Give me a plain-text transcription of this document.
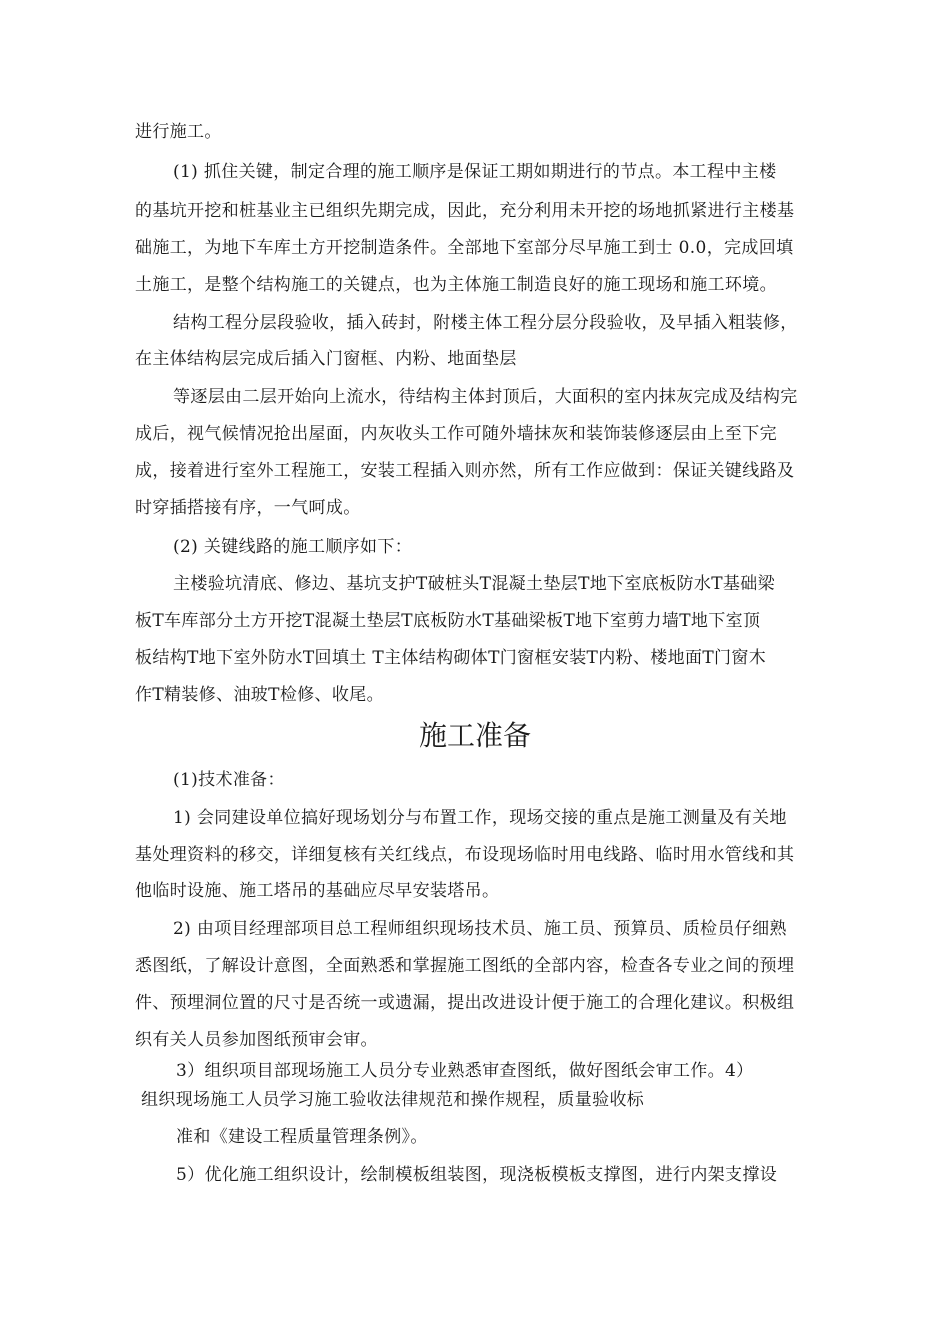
进行施工。
(1) 抓住关键，制定合理的施工顺序是保证工期如期进行的节点。本工程中主楼
的基坑开挖和桩基业主已组织先期完成，因此，充分利用未开挖的场地抓紧进行主楼基
础施工，为地下车库土方开挖制造条件。全部地下室部分尽早施工到士 0.0，完成回填
土施工，是整个结构施工的关键点，也为主体施工制造良好的施工现场和施工环境。
结构工程分层段验收，插入砖封，附楼主体工程分层分段验收，及早插入粗装修，
在主体结构层完成后插入门窗框、内粉、地面垫层
等逐层由二层开始向上流水，待结构主体封顶后，大面积的室内抹灰完成及结构完
成后，视气候情况抢出屋面，内灰收头工作可随外墙抹灰和装饰装修逐层由上至下完
成，接着进行室外工程施工，安装工程插入则亦然，所有工作应做到：保证关键线路及
时穿插搭接有序，一气呵成。
(2) 关键线路的施工顺序如下：
主楼验坑清底、修边、基坑支护T破桩头T混凝土垫层T地下室底板防水T基础梁
板T车库部分土方开挖T混凝土垫层T底板防水T基础梁板T地下室剪力墙T地下室顶
板结构T地下室外防水T回填土 T主体结构砌体T门窗框安装T内粉、楼地面T门窗木
作T精装修、油玻T检修、收尾。
施工准备
(1)技术准备：
1) 会同建设单位搞好现场划分与布置工作，现场交接的重点是施工测量及有关地
基处理资料的移交，详细复核有关红线点，布设现场临时用电线路、临时用水管线和其
他临时设施、施工塔吊的基础应尽早安装塔吊。
2) 由项目经理部项目总工程师组织现场技术员、施工员、预算员、质检员仔细熟
悉图纸，了解设计意图，全面熟悉和掌握施工图纸的全部内容，检查各专业之间的预埋
件、预埋洞位置的尺寸是否统一或遗漏，提出改进设计便于施工的合理化建议。积极组
织有关人员参加图纸预审会审。
3）组织项目部现场施工人员分专业熟悉审查图纸，做好图纸会审工作。4）
组织现场施工人员学习施工验收法律规范和操作规程，质量验收标
准和《建设工程质量管理条例》。
5）优化施工组织设计，绘制模板组装图，现浇板模板支撑图，进行内架支撑设
